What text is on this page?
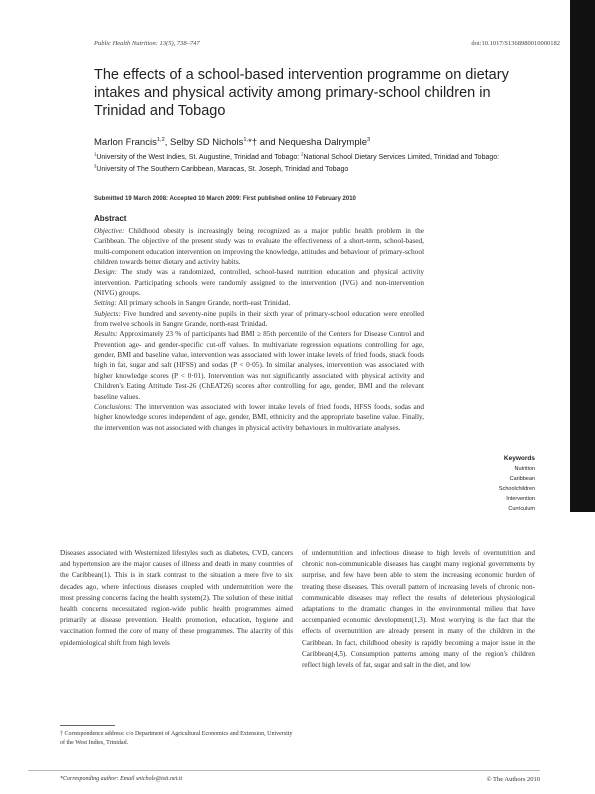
Public Health Nutrition: 13(5), 738–747	doi:10.1017/S1368980010000182
The effects of a school-based intervention programme on dietary intakes and physical activity among primary-school children in Trinidad and Tobago
Marlon Francis$^{1,2}$, Selby SD Nichols$^{1,}$*† and Nequesha Dalrymple$^3$
$^1$University of the West Indies, St. Augustine, Trinidad and Tobago: $^2$National School Dietary Services Limited, Trinidad and Tobago: $^3$University of The Southern Caribbean, Maracas, St. Joseph, Trinidad and Tobago
Submitted 19 March 2008: Accepted 10 March 2009: First published online 10 February 2010
Abstract

Objective: Childhood obesity is increasingly being recognized as a major public health problem in the Caribbean. The objective of the present study was to evaluate the effectiveness of a short-term, school-based, multi-component education intervention on improving the knowledge, attitudes and behaviour of primary-school children towards better dietary and activity habits.

Design: The study was a randomized, controlled, school-based nutrition education and physical activity intervention. Participating schools were randomly assigned to the intervention (IVG) and non-intervention (NIVG) groups.

Setting: All primary schools in Sangre Grande, north-east Trinidad.

Subjects: Five hundred and seventy-nine pupils in their sixth year of primary-school education were enrolled from twelve schools in Sangre Grande, north-east Trinidad.

Results: Approximately 23 % of participants had BMI ≥ 85th percentile of the Centers for Disease Control and Prevention age- and gender-specific cut-off values. In multivariate regression equations controlling for age, gender, BMI and baseline value, intervention was associated with lower intake levels of fried foods, snack foods high in fat, sugar and salt (HFSS) and sodas (P < 0·05). In similar analyses, intervention was associated with higher knowledge scores (P < 0·01). Intervention was not significantly associated with physical activity and Children's Eating Attitude Test-26 (ChEAT26) scores after controlling for age, gender, BMI and the relevant baseline values.

Conclusions: The intervention was associated with lower intake levels of fried foods, HFSS foods, sodas and higher knowledge scores independent of age, gender, BMI, ethnicity and the appropriate baseline value. Finally, the intervention was not associated with changes in physical activity behaviours in multivariate analyses.

Keywords
Nutrition
Caribbean
Schoolchildren
Intervention
Curriculum

Diseases associated with Westernized lifestyles such as diabetes, CVD, cancers and hypertension are the major causes of illness and death in many countries of the Caribbean(1). This is in stark contrast to the situation a mere five to six decades ago, where infectious diseases coupled with undernutrition were the most pressing concerns facing the health system(2). The solution of these initial health concerns necessitated region-wide public health programmes aimed primarily at disease prevention. Health promotion, education, hygiene and vaccination formed the core of many of these programmes. The alacrity of this epidemiological shift from high levels

of undernutrition and infectious disease to high levels of overnutrition and chronic non-communicable diseases has caught many regional governments by surprise, and few have been able to stem the increasing economic burden of treating these diseases. This overall pattern of increasing levels of chronic non-communicable diseases may reflect the results of deleterious physiological adaptations to the dramatic changes in the environmental milieu that have accompanied economic development(1,3). Most worrying is the fact that the effects of overnutrition are already present in many of the children in the Caribbean. In fact, childhood obesity is rapidly becoming a major issue in the Caribbean(4,5). Consumption patterns among many of the region's children reflect high levels of fat, sugar and salt in the diet, and low

† Correspondence address: c/o Department of Agricultural Economics and Extension, University of the West Indies, Trinidad.
*Corresponding author: Email snichols@tstt.net.tt	© The Authors 2010
